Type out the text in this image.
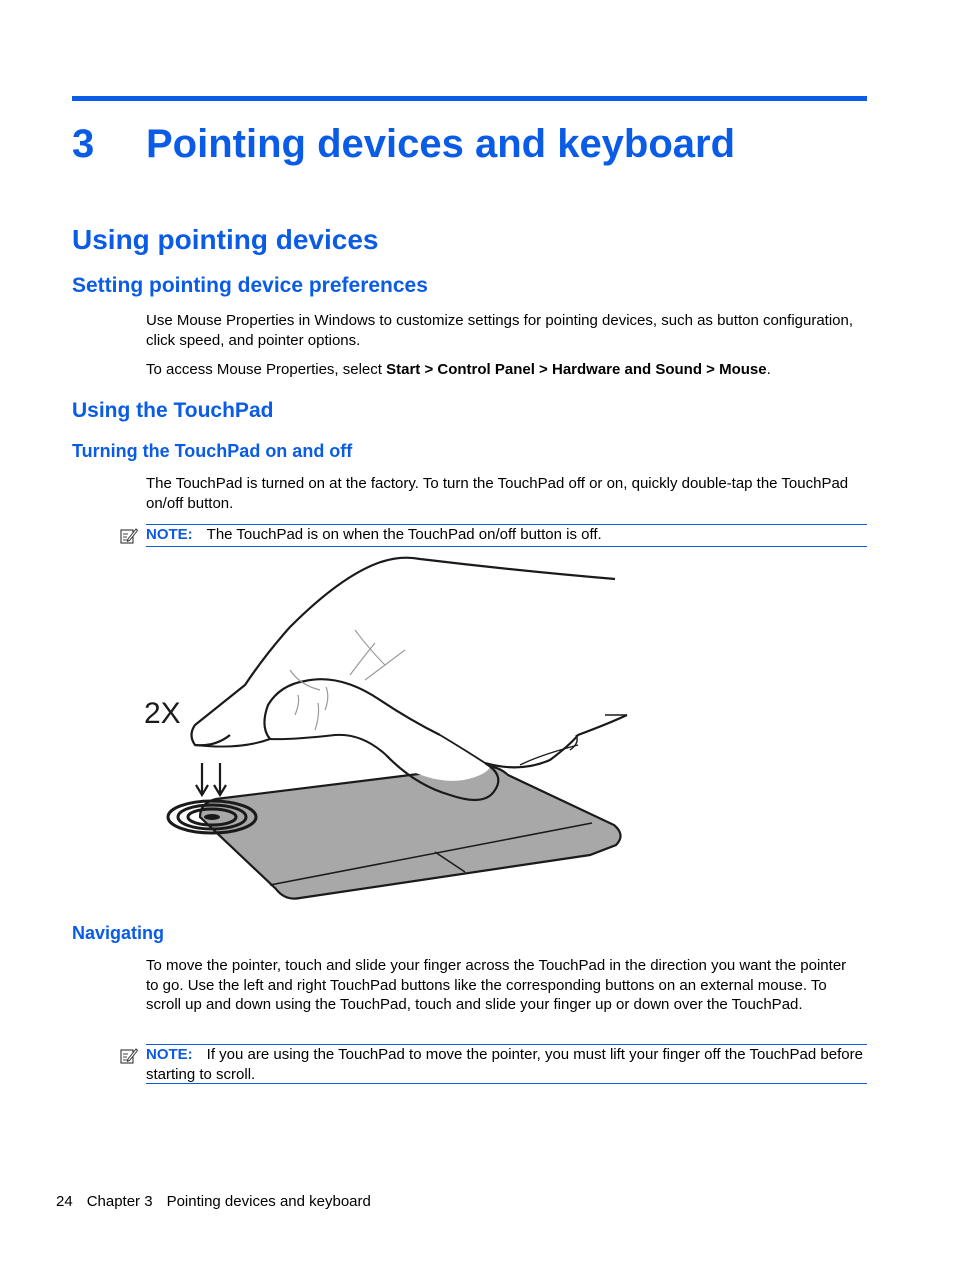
3 Pointing devices and keyboard
Using pointing devices
Setting pointing device preferences

Use Mouse Properties in Windows to customize settings for pointing devices, such as button configuration, click speed, and pointer options.

To access Mouse Properties, select Start > Control Panel > Hardware and Sound > Mouse.

Using the TouchPad
Turning the TouchPad on and off

The TouchPad is turned on at the factory. To turn the TouchPad off or on, quickly double-tap the TouchPad on/off button.

NOTE: The TouchPad is on when the TouchPad on/off button is off.
2X
Navigating

To move the pointer, touch and slide your finger across the TouchPad in the direction you want the pointer to go. Use the left and right TouchPad buttons like the corresponding buttons on an external mouse. To scroll up and down using the TouchPad, touch and slide your finger up or down over the TouchPad.

NOTE: If you are using the TouchPad to move the pointer, you must lift your finger off the TouchPad before starting to scroll.
24 Chapter 3 Pointing devices and keyboard
